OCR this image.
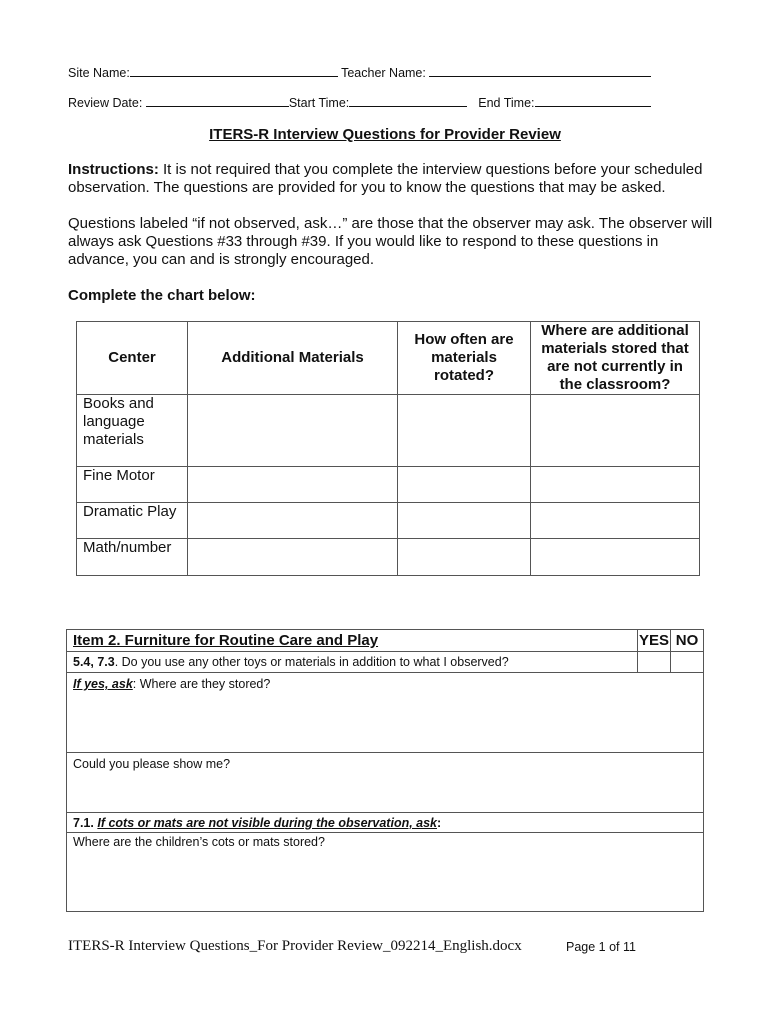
Site Name:	Teacher Name:
Review Date:	Start Time:	End Time:
ITERS-R Interview Questions for Provider Review
Instructions: It is not required that you complete the interview questions before your scheduled observation. The questions are provided for you to know the questions that may be asked.
Questions labeled “if not observed, ask…” are those that the observer may ask. The observer will always ask Questions #33 through #39. If you would like to respond to these questions in advance, you can and is strongly encouraged.
Complete the chart below:
Center	Additional Materials	How often are materials rotated?	Where are additional materials stored that are not currently in the classroom?
Books and language materials			
Fine Motor			
Dramatic Play			
Math/number			
Item 2. Furniture for Routine Care and Play	YES	NO
5.4, 7.3. Do you use any other toys or materials in addition to what I observed?		
If yes, ask: Where are they stored?		
Could you please show me?		
7.1. If cots or mats are not visible during the observation, ask:		
Where are the children’s cots or mats stored?		
ITERS-R Interview Questions_For Provider Review_092214_English.docx	Page 1 of 11
